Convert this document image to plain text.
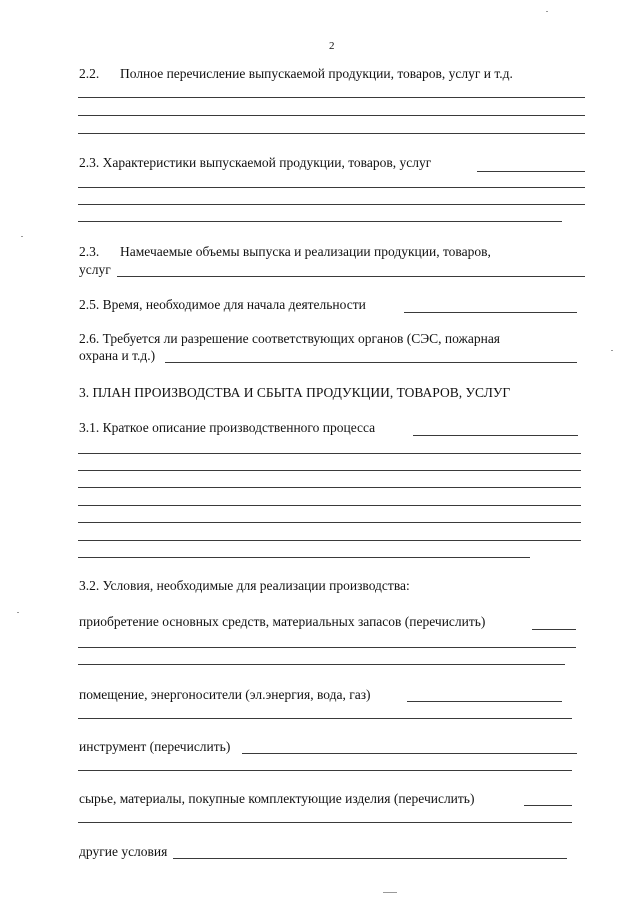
2
2.2. Полное перечисление выпускаемой продукции, товаров, услуг и т.д.
2.3. Характеристики выпускаемой продукции, товаров, услуг
2.3. Намечаемые объемы выпуска и реализации продукции, товаров,
услуг
2.5. Время, необходимое для начала деятельности
2.6. Требуется ли разрешение соответствующих органов (СЭС, пожарная
охрана и т.д.)
3. ПЛАН ПРОИЗВОДСТВА И СБЫТА ПРОДУКЦИИ, ТОВАРОВ, УСЛУГ
3.1. Краткое описание производственного процесса
3.2. Условия, необходимые для реализации производства:
приобретение основных средств, материальных запасов (перечислить)
помещение, энергоносители (эл.энергия, вода, газ)
инструмент (перечислить)
сырье, материалы, покупные комплектующие изделия (перечислить)
другие условия
